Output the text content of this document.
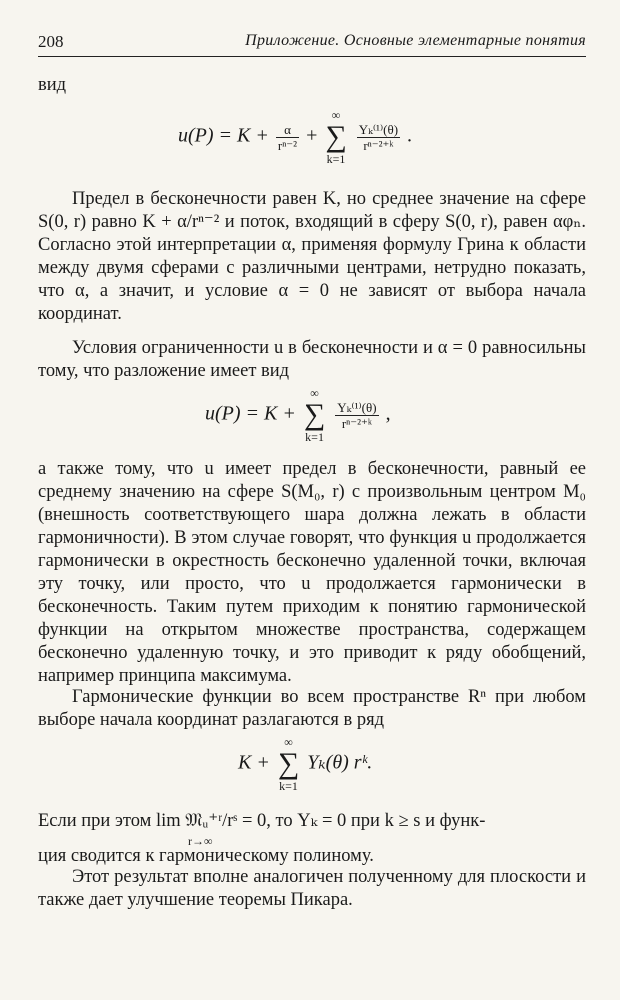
208	Приложение. Основные элементарные понятия
вид
$u(P) = K + \frac{\alpha}{\text{rⁿ⁻²}}$ +
∞
∑
k=1

$\frac{\text{Yₖ⁽¹⁾(θ)}}{\text{rⁿ⁻²⁺ᵏ}}$ .
Предел в бесконечности равен K, но среднее значение на сфере S(0, r) равно K + α/rⁿ⁻² и поток, входящий в сферу S(0, r), равен αφₙ. Согласно этой интерпретации α, применяя формулу Грина к области между двумя сферами с различными центрами, нетрудно показать, что α, а значит, и условие α = 0 не зависят от выбора начала координат.
Условия ограниченности u в бесконечности и α = 0 равносильны тому, что разложение имеет вид
u(P) = K +
∞
∑
k=1

$\frac{\text{Yₖ⁽¹⁾(θ)}}{\text{rⁿ⁻²⁺ᵏ}}$ ,
а также тому, что u имеет предел в бесконечности, равный ее среднему значению на сфере S(M₀, r) с произвольным центром M₀ (внешность соответствующего шара должна лежать в области гармоничности). В этом случае говорят, что функция u продолжается гармонически в окрестность бесконечно удаленной точки, включая эту точку, или просто, что u продолжается гармонически в бесконечность. Таким путем приходим к понятию гармонической функции на открытом множестве пространства, содержащем бесконечно удаленную точку, и это приводит к ряду обобщений, например принципа максимума.
Гармонические функции во всем пространстве Rⁿ при любом выборе начала координат разлагаются в ряд
K +
∞
∑
k=1
Yₖ(θ) rᵏ.
Если при этом lim 𝔐ᵤ⁺ʳ/rˢ = 0, то Yₖ = 0 при k ≥ s и функ-
r→∞
ция сводится к гармоническому полиному.
Этот результат вполне аналогичен полученному для плоскости и также дает улучшение теоремы Пикара.
